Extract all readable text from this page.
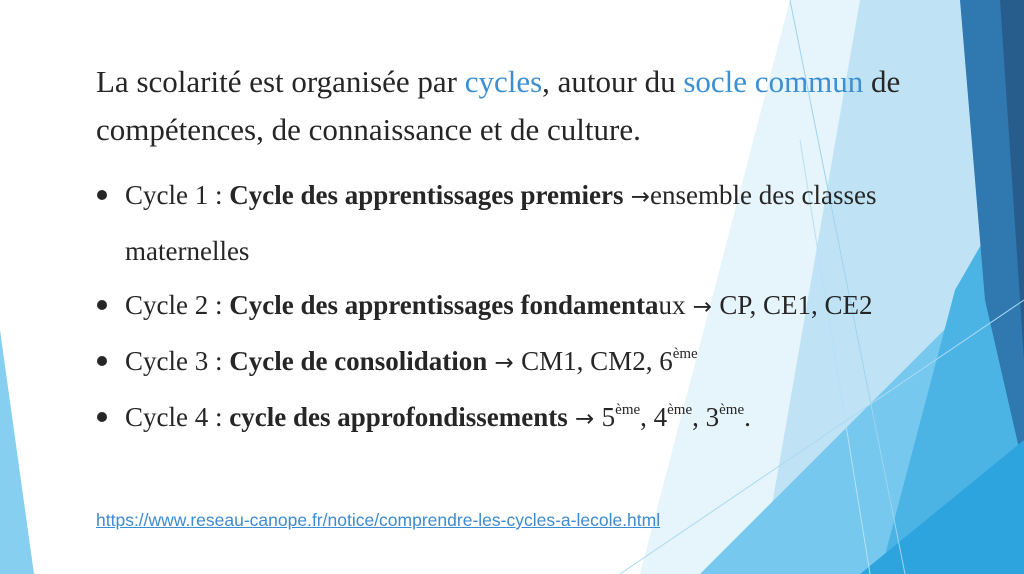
La scolarité est organisée par cycles, autour du socle commun de compétences, de connaissance et de culture.
Cycle 1 : Cycle des apprentissages premiers →ensemble des classes maternelles
Cycle 2 : Cycle des apprentissages fondamentaux → CP, CE1, CE2
Cycle 3 : Cycle de consolidation → CM1, CM2, 6ème
Cycle 4 : cycle des approfondissements → 5ème, 4ème, 3ème.
https://www.reseau-canope.fr/notice/comprendre-les-cycles-a-lecole.html
